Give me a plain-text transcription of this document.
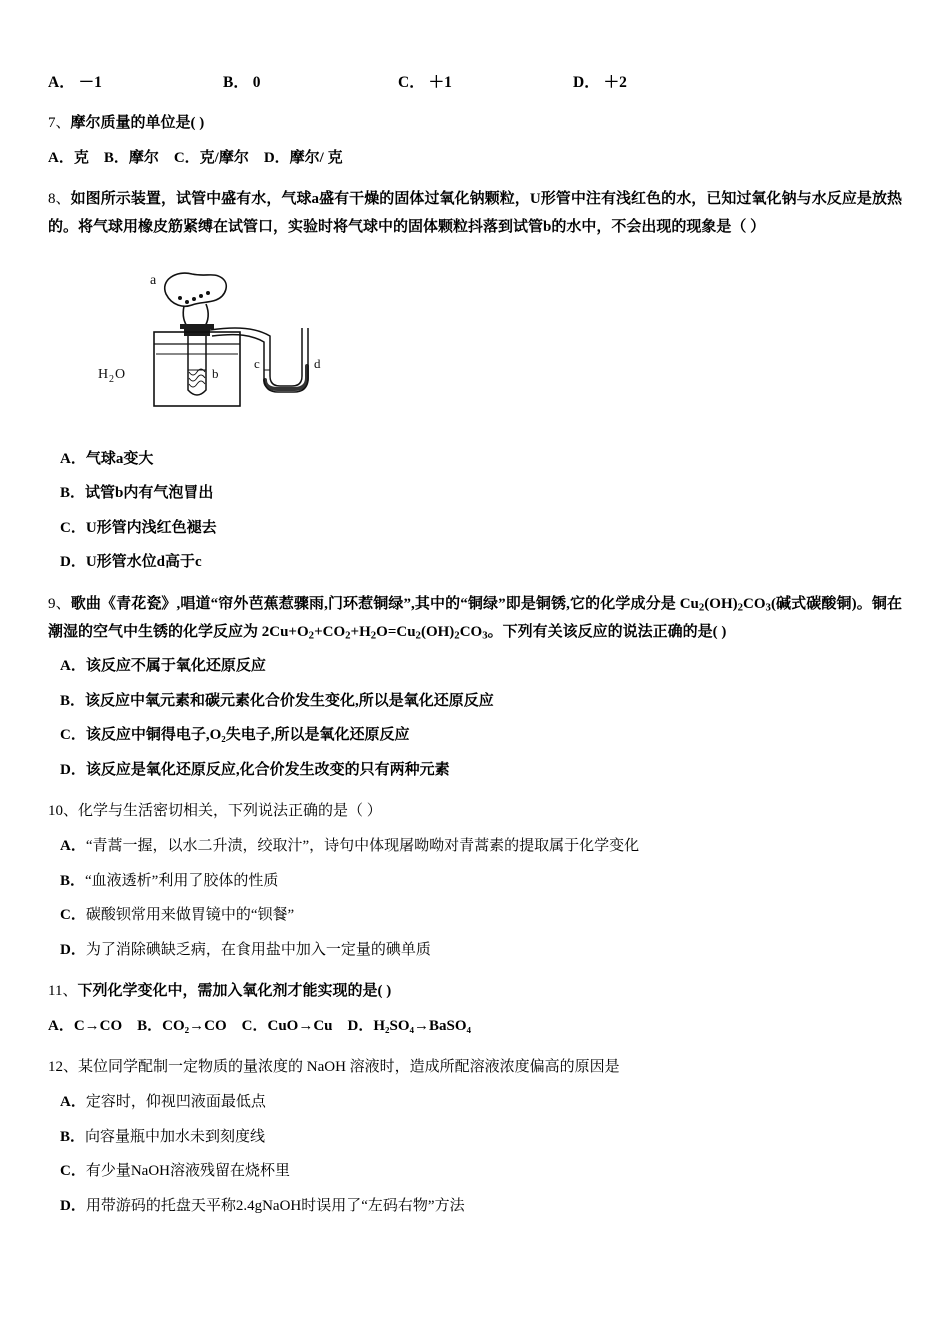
A． －1	B． 0	C． ＋1	D． ＋2
7、摩尔质量的单位是( )
A．克　B．摩尔　C．克/摩尔　D．摩尔/ 克
8、如图所示装置，试管中盛有水，气球a盛有干燥的固体过氧化钠颗粒，U形管中注有浅红色的水，已知过氧化钠与水反应是放热的。将气球用橡皮筋紧缚在试管口，实验时将气球中的固体颗粒抖落到试管b的水中，不会出现的现象是（ ）
a
b
H 2 O
c	d
A．气球a变大
B．试管b内有气泡冒出
C．U形管内浅红色褪去
D．U形管水位d高于c
9、歌曲《青花瓷》,唱道“帘外芭蕉惹骤雨,门环惹铜绿”,其中的“铜绿”即是铜锈,它的化学成分是 $Cu_2(OH)_2CO_3$(碱式碳酸铜)。铜在潮湿的空气中生锈的化学反应为 $2Cu+O_2+CO_2+H_2O=Cu_2(OH)_2CO_3$。下列有关该反应的说法正确的是( )
A．该反应不属于氧化还原反应
B．该反应中氧元素和碳元素化合价发生变化,所以是氧化还原反应
C．该反应中铜得电子,O₂失电子,所以是氧化还原反应
D．该反应是氧化还原反应,化合价发生改变的只有两种元素
10、化学与生活密切相关，下列说法正确的是（ ）
A．“青蒿一握，以水二升渍，绞取汁”，诗句中体现屠呦呦对青蒿素的提取属于化学变化
B．“血液透析”利用了胶体的性质
C．碳酸钡常用来做胃镜中的“钡餐”
D．为了消除碘缺乏病，在食用盐中加入一定量的碘单质
11、下列化学变化中，需加入氧化剂才能实现的是( )
A．C→CO　B．CO₂→CO　C．CuO→Cu　D．H₂SO₄→BaSO₄
12、某位同学配制一定物质的量浓度的 NaOH 溶液时，造成所配溶液浓度偏高的原因是
A．定容时，仰视凹液面最低点
B．向容量瓶中加水未到刻度线
C．有少量NaOH溶液残留在烧杯里
D．用带游码的托盘天平称2.4gNaOH时误用了“左码右物”方法
